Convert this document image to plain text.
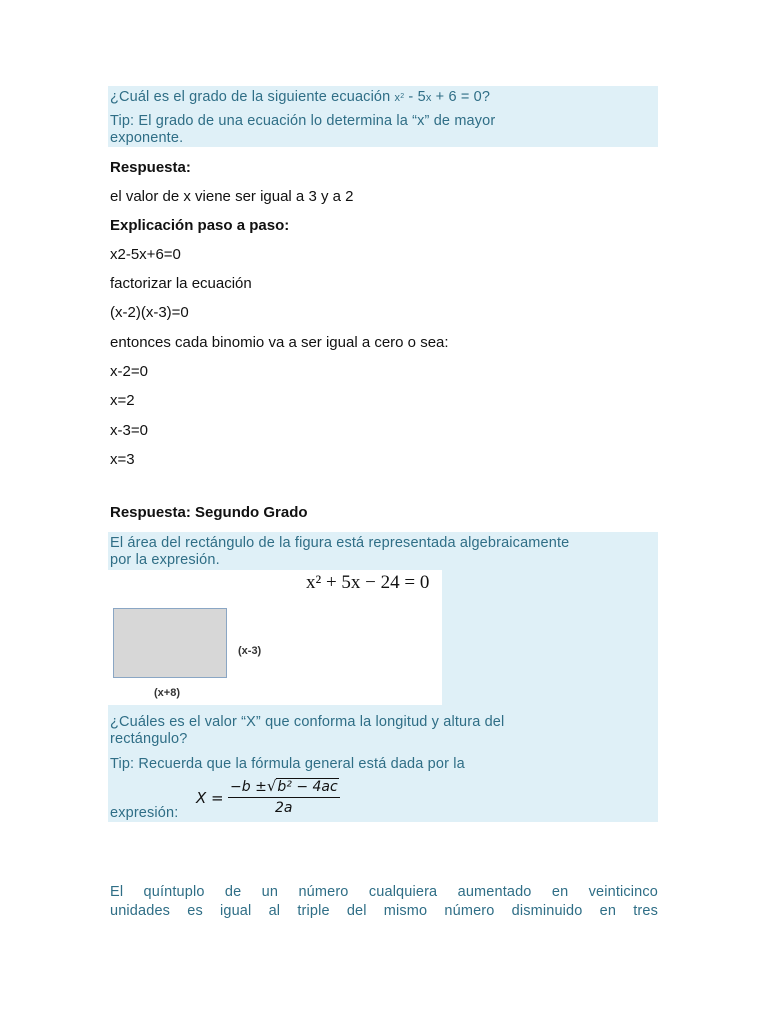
¿Cuál es el grado de la siguiente ecuación $x^2 - 5x + 6 = 0$?
Tip: El grado de una ecuación lo determina la “x” de mayor
exponente.
Respuesta:
el valor de x viene ser igual a 3 y a 2
Explicación paso a paso:
x2-5x+6=0
factorizar la ecuación
(x-2)(x-3)=0
entonces cada binomio va a ser igual a cero o sea:
x-2=0
x=2
x-3=0
x=3
Respuesta: Segundo Grado
El área del rectángulo de la figura está representada algebraicamente
por la expresión.
x² + 5x − 24 = 0
(x-3)
(x+8)
¿Cuáles es el valor “X” que conforma la longitud y altura del
rectángulo?
Tip: Recuerda que la fórmula general está dada por la
expresión:
X =
−b ±√b² − 4ac
2a
El quíntuplo de un número cualquiera aumentado en veinticinco
unidades es igual al triple del mismo número disminuido en tres
